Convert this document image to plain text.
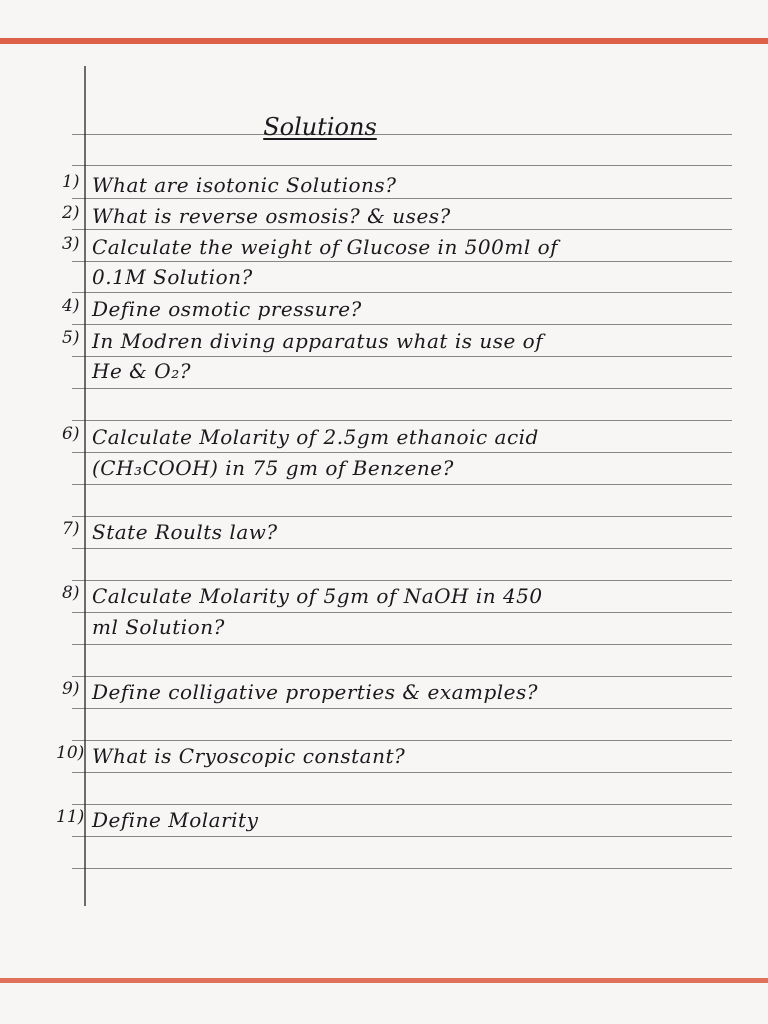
Solutions
1) What are isotonic Solutions?
2) What is reverse osmosis? & uses?
3) Calculate the weight of Glucose in 500ml of
0.1M Solution?
4) Define osmotic pressure?
5) In Modren diving apparatus what is use of
He & O₂?
6) Calculate Molarity of 2.5gm ethanoic acid
(CH₃COOH) in 75 gm of Benzene?
7) State Roults law?
8) Calculate Molarity of 5gm of NaOH in 450
ml Solution?
9) Define colligative properties & examples?
10) What is Cryoscopic constant?
11) Define Molarity
